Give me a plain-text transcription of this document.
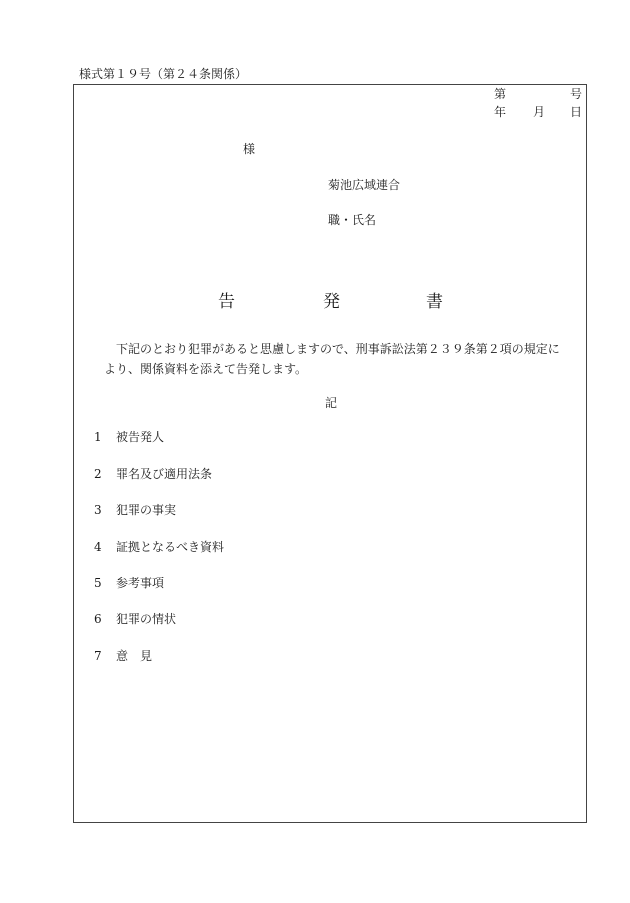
様式第１９号（第２４条関係）
第	号
年 月 日
様
菊池広域連合
職・氏名
告	発	書
下記のとおり犯罪があると思慮しますので、刑事訴訟法第２３９条第２項の規定により、関係資料を添えて告発します。
記
1 被告発人
2 罪名及び適用法条
3 犯罪の事実
4 証拠となるべき資料
5 参考事項
6 犯罪の情状
7 意　見
